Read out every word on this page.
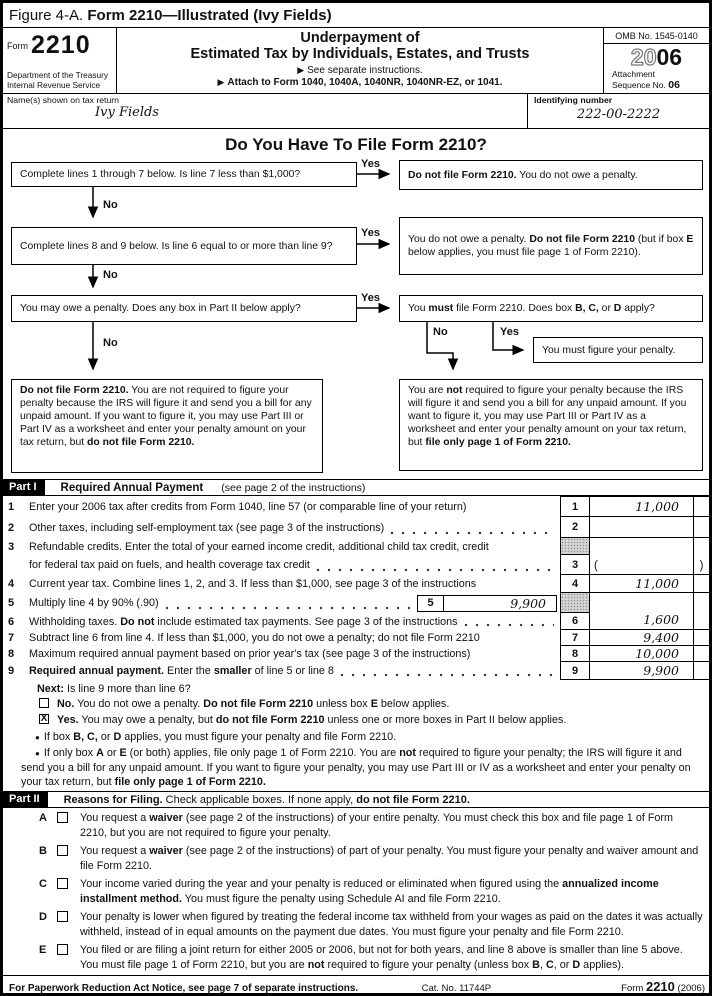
Figure 4-A. Form 2210—Illustrated (Ivy Fields)
Form 2210
Department of the Treasury
Internal Revenue Service
Underpayment of
Estimated Tax by Individuals, Estates, and Trusts
▶ See separate instructions.
▶ Attach to Form 1040, 1040A, 1040NR, 1040NR-EZ, or 1041.
OMB No. 1545-0140
2006
Attachment
Sequence No. 06
Name(s) shown on tax return
Ivy Fields
Identifying number
222-00-2222
Do You Have To File Form 2210?
Complete lines 1 through 7 below. Is line 7 less than $1,000?
Yes
Do not file Form 2210. You do not owe a penalty.
No
Complete lines 8 and 9 below. Is line 6 equal to or more than line 9?
Yes	You do not owe a penalty. Do not file Form 2210 (but if box E below applies, you must file page 1 of Form 2210).
No
You may owe a penalty. Does any box in Part II below apply?
Yes
You must file Form 2210. Does box B, C, or D apply?
No	Yes
You must figure your penalty.
No
Do not file Form 2210. You are not required to figure your penalty because the IRS will figure it and send you a bill for any unpaid amount. If you want to figure it, you may use Part III or Part IV as a worksheet and enter your penalty amount on your tax return, but do not file Form 2210.
You are not required to figure your penalty because the IRS will figure it and send you a bill for any unpaid amount. If you want to figure it, you may use Part III or Part IV as a worksheet and enter your penalty amount on your tax return, but file only page 1 of Form 2210.
Part I	Required Annual Payment (see page 2 of the instructions)
1	Enter your 2006 tax after credits from Form 1040, line 57 (or comparable line of your return)	1	11,000
2	Other taxes, including self-employment tax (see page 3 of the instructions)	2
3	Refundable credits. Enter the total of your earned income credit, additional child tax credit, credit
for federal tax paid on fuels, and health coverage tax credit	3	(	)
4	Current year tax. Combine lines 1, 2, and 3. If less than $1,000, see page 3 of the instructions	4	11,000
5	Multiply line 4 by 90% (.90)	5	9,900
6	Withholding taxes. Do not include estimated tax payments. See page 3 of the instructions	6	1,600
7	Subtract line 6 from line 4. If less than $1,000, you do not owe a penalty; do not file Form 2210	7	9,400
8	Maximum required annual payment based on prior year's tax (see page 3 of the instructions)	8	10,000
9	Required annual payment. Enter the smaller of line 5 or line 8	9	9,900
Next: Is line 9 more than line 6?
No. You do not owe a penalty. Do not file Form 2210 unless box E below applies.
X Yes. You may owe a penalty, but do not file Form 2210 unless one or more boxes in Part II below applies.
● If box B, C, or D applies, you must figure your penalty and file Form 2210.
● If only box A or E (or both) applies, file only page 1 of Form 2210. You are not required to figure your penalty; the IRS will figure it and send you a bill for any unpaid amount. If you want to figure your penalty, you may use Part III or IV as a worksheet and enter your penalty on your tax return, but file only page 1 of Form 2210.
Part II	Reasons for Filing. Check applicable boxes. If none apply, do not file Form 2210.
A	You request a waiver (see page 2 of the instructions) of your entire penalty. You must check this box and file page 1 of Form 2210, but you are not required to figure your penalty.
B	You request a waiver (see page 2 of the instructions) of part of your penalty. You must figure your penalty and waiver amount and file Form 2210.
C	Your income varied during the year and your penalty is reduced or eliminated when figured using the annualized income installment method. You must figure the penalty using Schedule AI and file Form 2210.
D	Your penalty is lower when figured by treating the federal income tax withheld from your wages as paid on the dates it was actually withheld, instead of in equal amounts on the payment due dates. You must figure your penalty and file Form 2210.
E	You filed or are filing a joint return for either 2005 or 2006, but not for both years, and line 8 above is smaller than line 5 above. You must file page 1 of Form 2210, but you are not required to figure your penalty (unless box B, C, or D applies).
For Paperwork Reduction Act Notice, see page 7 of separate instructions.	Cat. No. 11744P	Form 2210 (2006)
